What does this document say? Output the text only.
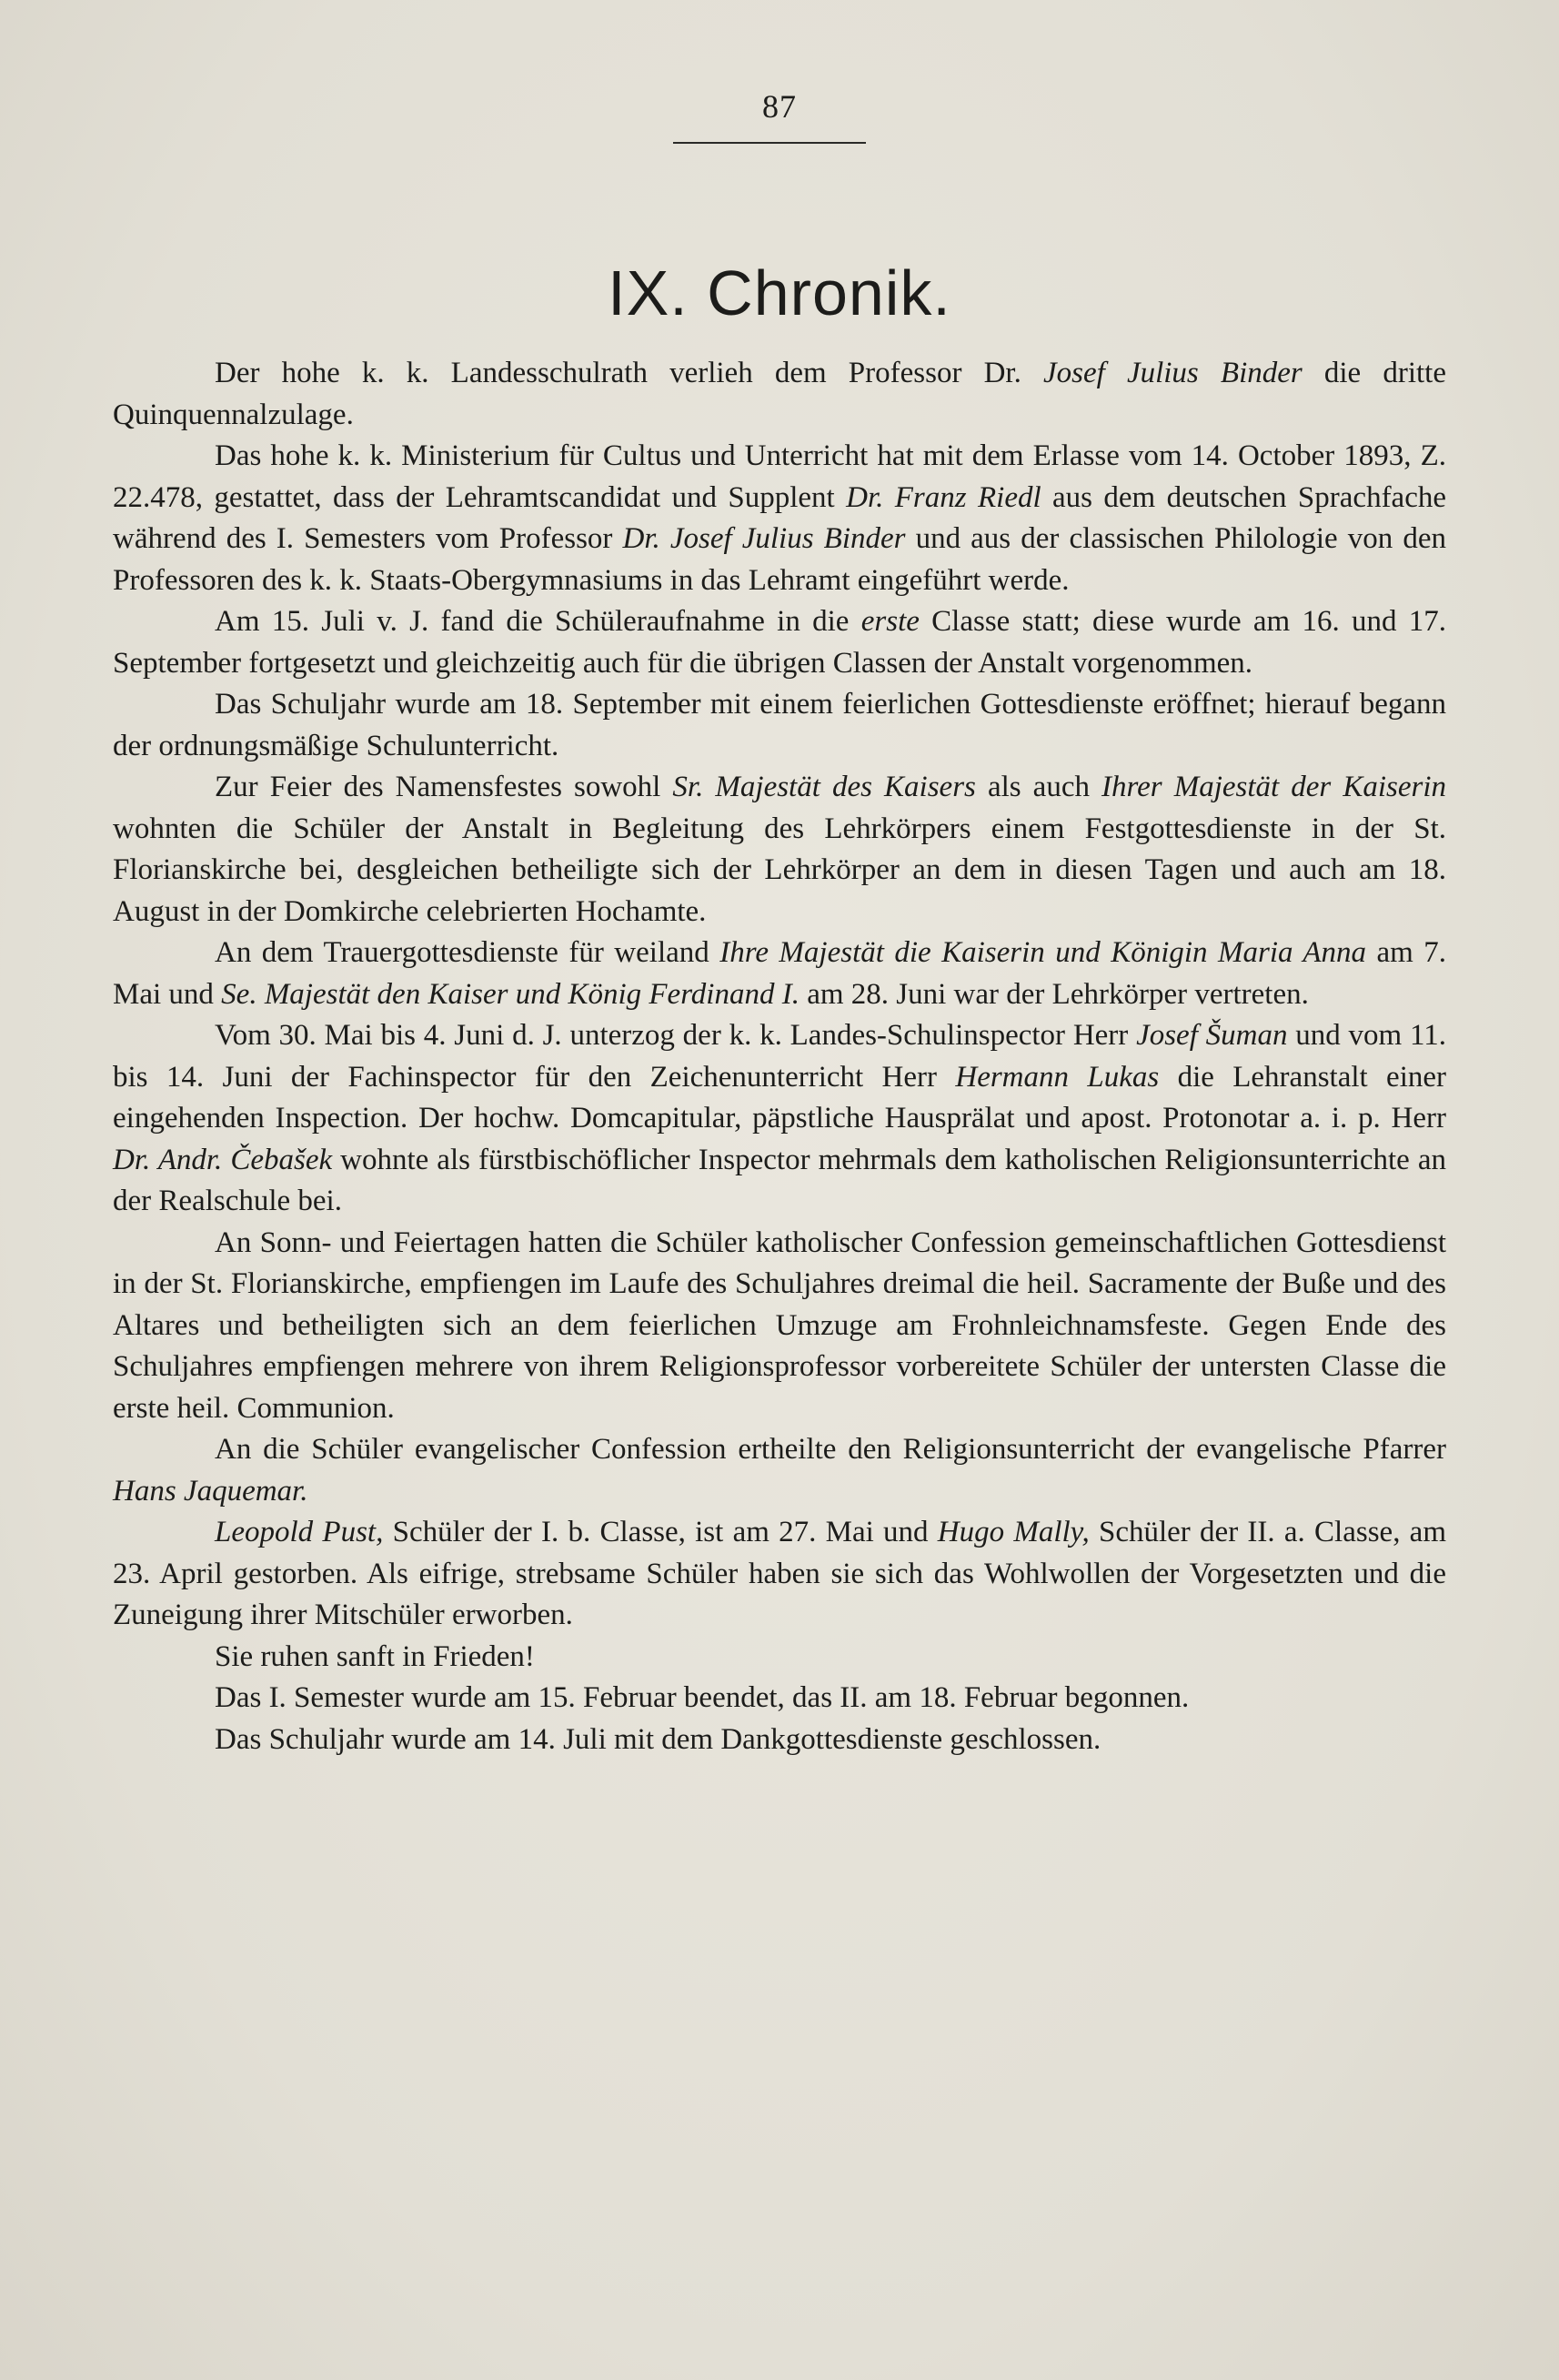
87
IX. Chronik.

Der hohe k. k. Landesschulrath verlieh dem Professor Dr. Josef Julius Binder die dritte Quinquennalzulage.

Das hohe k. k. Ministerium für Cultus und Unterricht hat mit dem Erlasse vom 14. October 1893, Z. 22.478, gestattet, dass der Lehramtscandidat und Supplent Dr. Franz Riedl aus dem deutschen Sprachfache während des I. Semesters vom Professor Dr. Josef Julius Binder und aus der classischen Philologie von den Professoren des k. k. Staats-Obergymnasiums in das Lehramt eingeführt werde.

Am 15. Juli v. J. fand die Schüleraufnahme in die erste Classe statt; diese wurde am 16. und 17. September fortgesetzt und gleichzeitig auch für die übrigen Classen der Anstalt vorgenommen.

Das Schuljahr wurde am 18. September mit einem feierlichen Gottesdienste eröffnet; hierauf begann der ordnungsmäßige Schulunterricht.

Zur Feier des Namensfestes sowohl Sr. Majestät des Kaisers als auch Ihrer Majestät der Kaiserin wohnten die Schüler der Anstalt in Begleitung des Lehrkörpers einem Festgottesdienste in der St. Florianskirche bei, desgleichen betheiligte sich der Lehrkörper an dem in diesen Tagen und auch am 18. August in der Domkirche celebrierten Hochamte.

An dem Trauergottesdienste für weiland Ihre Majestät die Kaiserin und Königin Maria Anna am 7. Mai und Se. Majestät den Kaiser und König Ferdinand I. am 28. Juni war der Lehrkörper vertreten.

Vom 30. Mai bis 4. Juni d. J. unterzog der k. k. Landes-Schulinspector Herr Josef Šuman und vom 11. bis 14. Juni der Fachinspector für den Zeichenunterricht Herr Hermann Lukas die Lehranstalt einer eingehenden Inspection. Der hochw. Domcapitular, päpstliche Hausprälat und apost. Protonotar a. i. p. Herr Dr. Andr. Čebašek wohnte als fürstbischöflicher Inspector mehrmals dem katholischen Religionsunterrichte an der Realschule bei.

An Sonn- und Feiertagen hatten die Schüler katholischer Confession gemeinschaftlichen Gottesdienst in der St. Florianskirche, empfiengen im Laufe des Schuljahres dreimal die heil. Sacramente der Buße und des Altares und betheiligten sich an dem feierlichen Umzuge am Frohnleichnamsfeste. Gegen Ende des Schuljahres empfiengen mehrere von ihrem Religionsprofessor vorbereitete Schüler der untersten Classe die erste heil. Communion.

An die Schüler evangelischer Confession ertheilte den Religionsunterricht der evangelische Pfarrer Hans Jaquemar.

Leopold Pust, Schüler der I. b. Classe, ist am 27. Mai und Hugo Mally, Schüler der II. a. Classe, am 23. April gestorben. Als eifrige, strebsame Schüler haben sie sich das Wohlwollen der Vorgesetzten und die Zuneigung ihrer Mitschüler erworben.

Sie ruhen sanft in Frieden!

Das I. Semester wurde am 15. Februar beendet, das II. am 18. Februar begonnen.

Das Schuljahr wurde am 14. Juli mit dem Dankgottesdienste geschlossen.
